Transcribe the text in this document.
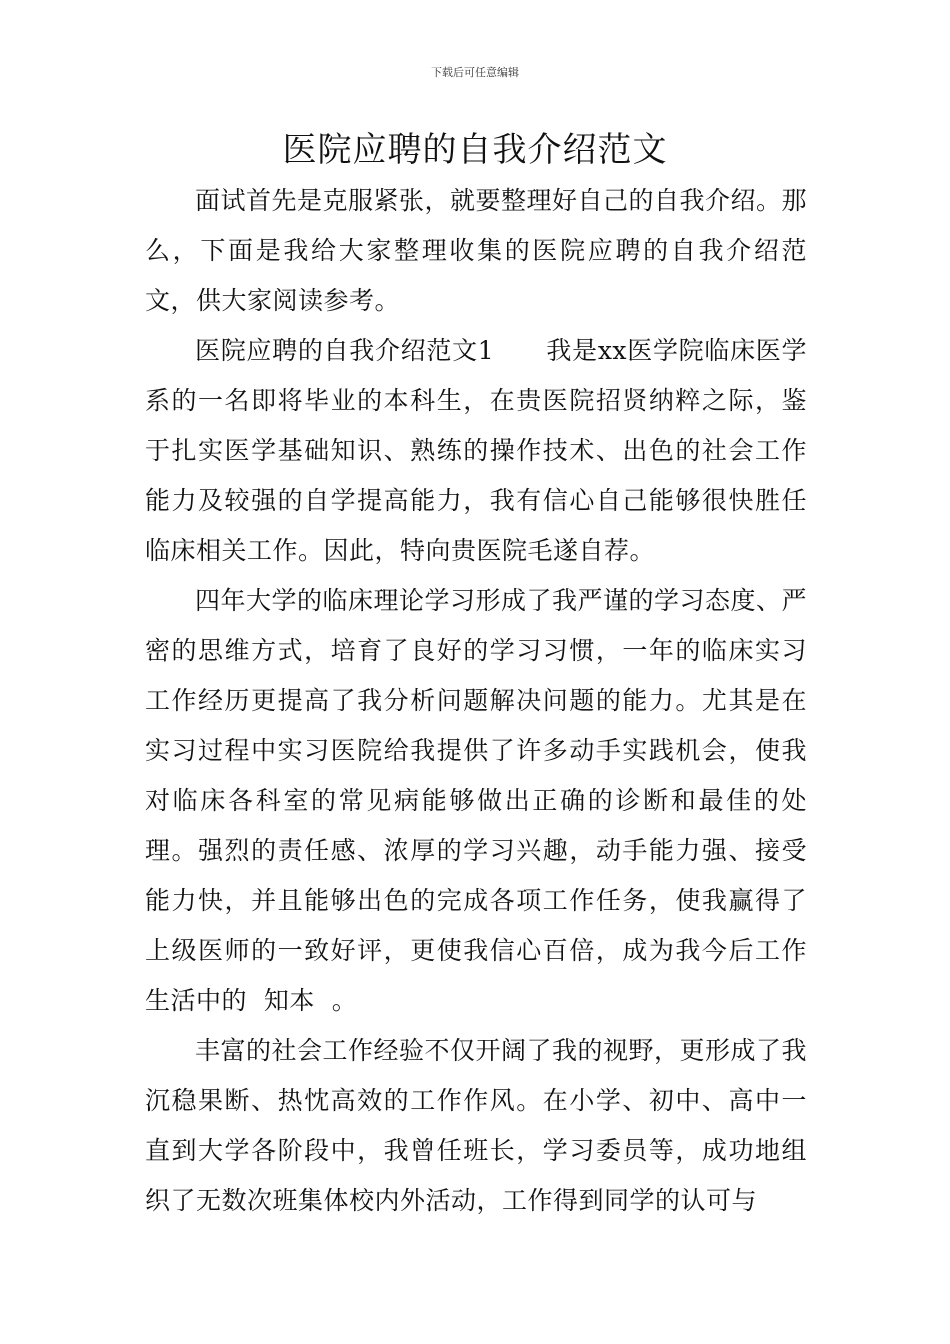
下载后可任意编辑
医院应聘的自我介绍范文

面试首先是克服紧张，就要整理好自己的自我介绍。那么，下面是我给大家整理收集的医院应聘的自我介绍范文，供大家阅读参考。

医院应聘的自我介绍范文1 我是xx医学院临床医学系的一名即将毕业的本科生，在贵医院招贤纳粹之际，鉴于扎实医学基础知识、熟练的操作技术、出色的社会工作能力及较强的自学提高能力，我有信心自己能够很快胜任临床相关工作。因此，特向贵医院毛遂自荐。

四年大学的临床理论学习形成了我严谨的学习态度、严密的思维方式，培育了良好的学习习惯，一年的临床实习工作经历更提高了我分析问题解决问题的能力。尤其是在实习过程中实习医院给我提供了许多动手实践机会，使我对临床各科室的常见病能够做出正确的诊断和最佳的处理。强烈的责任感、浓厚的学习兴趣，动手能力强、接受能力快，并且能够出色的完成各项工作任务，使我赢得了上级医师的一致好评，更使我信心百倍，成为我今后工作生活中的  知本  。

丰富的社会工作经验不仅开阔了我的视野，更形成了我沉稳果断、热忱高效的工作作风。在小学、初中、高中一直到大学各阶段中，我曾任班长，学习委员等，成功地组织了无数次班集体校内外活动，工作得到同学的认可与
